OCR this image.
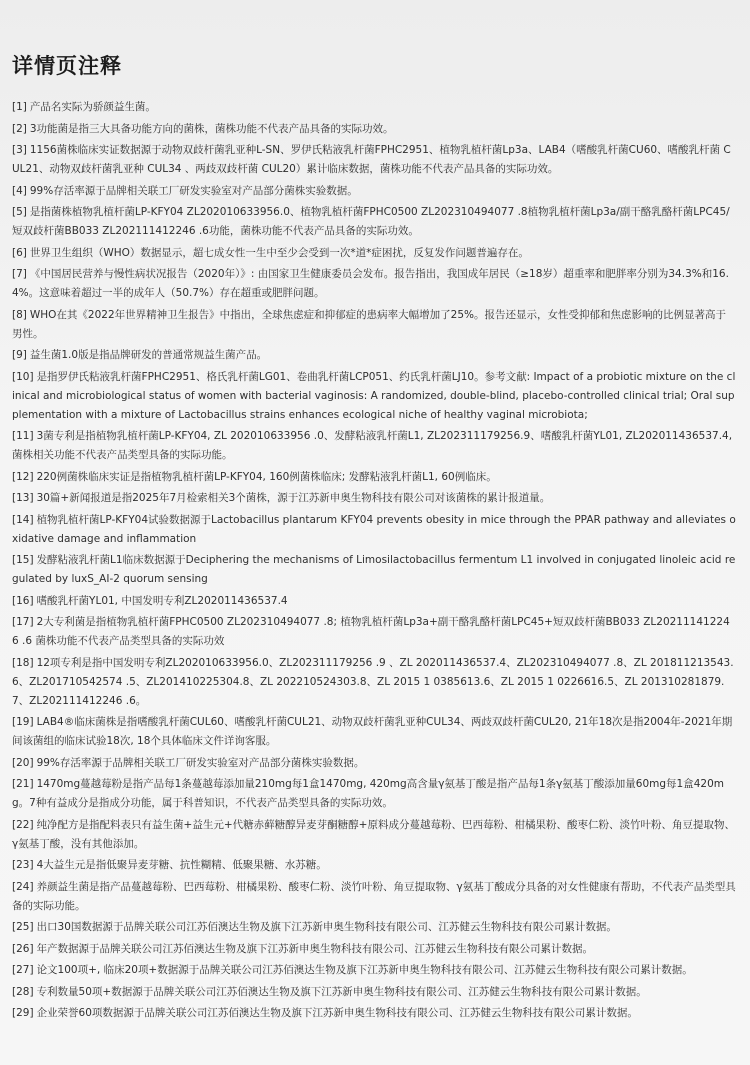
详情页注释
[1] 产品名实际为骄颜益生菌。
[2] 3功能菌是指三大具备功能方向的菌株，菌株功能不代表产品具备的实际功效。
[3] 1156菌株临床实证数据源于动物双歧杆菌乳亚种L-SN、罗伊氏粘液乳杆菌FPHC2951、植物乳植杆菌Lp3a、LAB4（嗜酸乳杆菌CU60、嗜酸乳杆菌 CUL21、动物双歧杆菌乳亚种 CUL34 、两歧双歧杆菌 CUL20）累计临床数据，菌株功能不代表产品具备的实际功效。
[4] 99%存活率源于品牌相关联工厂研发实验室对产品部分菌株实验数据。
[5] 是指菌株植物乳植杆菌LP-KFY04 ZL202010633956.0、植物乳植杆菌FPHC0500 ZL202310494077 .8植物乳植杆菌Lp3a/副干酪乳酪杆菌LPC45/短双歧杆菌BB033 ZL202111412246 .6功能，菌株功能不代表产品具备的实际功效。
[6] 世界卫生组织（WHO）数据显示，超七成女性一生中至少会受到一次*道*症困扰，反复发作问题普遍存在。
[7] 《中国居民营养与慢性病状况报告（2020年）》: 由国家卫生健康委员会发布。报告指出，我国成年居民（≥18岁）超重率和肥胖率分别为34.3%和16.4%。这意味着超过一半的成年人（50.7%）存在超重或肥胖问题。
[8] WHO在其《2022年世界精神卫生报告》中指出，全球焦虑症和抑郁症的患病率大幅增加了25%。报告还显示，女性受抑郁和焦虑影响的比例显著高于男性。
[9] 益生菌1.0版是指品牌研发的普通常规益生菌产品。
[10] 是指罗伊氏粘液乳杆菌FPHC2951、格氏乳杆菌LG01、卷曲乳杆菌LCP051、约氏乳杆菌LJ10。参考文献: Impact of a probiotic mixture on the clinical and microbiological status of women with bacterial vaginosis: A randomized, double-blind, placebo-controlled clinical trial; Oral supplementation with a mixture of Lactobacillus strains enhances ecological niche of healthy vaginal microbiota;
[11] 3菌专利是指植物乳植杆菌LP-KFY04, ZL 202010633956 .0、发酵粘液乳杆菌L1, ZL202311179256.9、嗜酸乳杆菌YL01, ZL202011436537.4, 菌株相关功能不代表产品类型具备的实际功能。
[12] 220例菌株临床实证是指植物乳植杆菌LP-KFY04, 160例菌株临床; 发酵粘液乳杆菌L1, 60例临床。
[13] 30篇+新闻报道是指2025年7月检索相关3个菌株，源于江苏新申奥生物科技有限公司对该菌株的累计报道量。
[14] 植物乳植杆菌LP-KFY04试验数据源于Lactobacillus plantarum KFY04 prevents obesity in mice through the PPAR pathway and alleviates oxidative damage and inflammation
[15] 发酵粘液乳杆菌L1临床数据源于Deciphering the mechanisms of Limosilactobacillus fermentum L1 involved in conjugated linoleic acid regulated by luxS_AI-2 quorum sensing
[16] 嗜酸乳杆菌YL01, 中国发明专利ZL202011436537.4
[17] 2大专利菌是指植物乳植杆菌FPHC0500 ZL202310494077 .8; 植物乳植杆菌Lp3a+副干酪乳酪杆菌LPC45+短双歧杆菌BB033 ZL202111412246 .6 菌株功能不代表产品类型具备的实际功效
[18] 12项专利是指中国发明专利ZL202010633956.0、ZL202311179256 .9 、ZL 202011436537.4、ZL202310494077 .8、ZL 201811213543.6、ZL201710542574 .5、ZL201410225304.8、ZL 202210524303.8、ZL 2015 1 0385613.6、ZL 2015 1 0226616.5、ZL 201310281879.7、ZL202111412246 .6。
[19] LAB4®临床菌株是指嗜酸乳杆菌CUL60、嗜酸乳杆菌CUL21、动物双歧杆菌乳亚种CUL34、两歧双歧杆菌CUL20, 21年18次是指2004年-2021年期间该菌组的临床试验18次, 18个具体临床文件详询客服。
[20] 99%存活率源于品牌相关联工厂研发实验室对产品部分菌株实验数据。
[21] 1470mg蔓越莓粉是指产品每1条蔓越莓添加量210mg每1盒1470mg, 420mg高含量γ氨基丁酸是指产品每1条γ氨基丁酸添加量60mg每1盒420mg。7种有益成分是指成分功能，属于科普知识，不代表产品类型具备的实际功效。
[22] 纯净配方是指配料表只有益生菌+益生元+代糖赤藓糖醇异麦芽酮糖醇+原料成分蔓越莓粉、巴西莓粉、柑橘果粉、酸枣仁粉、淡竹叶粉、角豆提取物、γ氨基丁酸，没有其他添加。
[23] 4大益生元是指低聚异麦芽糖、抗性糊精、低聚果糖、水苏糖。
[24] 养颜益生菌是指产品蔓越莓粉、巴西莓粉、柑橘果粉、酸枣仁粉、淡竹叶粉、角豆提取物、γ氨基丁酸成分具备的对女性健康有帮助，不代表产品类型具备的实际功能。
[25] 出口30国数据源于品牌关联公司江苏佰澳达生物及旗下江苏新申奥生物科技有限公司、江苏健云生物科技有限公司累计数据。
[26] 年产数据源于品牌关联公司江苏佰澳达生物及旗下江苏新申奥生物科技有限公司、江苏健云生物科技有限公司累计数据。
[27] 论文100项+, 临床20项+数据源于品牌关联公司江苏佰澳达生物及旗下江苏新申奥生物科技有限公司、江苏健云生物科技有限公司累计数据。
[28] 专利数量50项+数据源于品牌关联公司江苏佰澳达生物及旗下江苏新申奥生物科技有限公司、江苏健云生物科技有限公司累计数据。
[29] 企业荣誉60项数据源于品牌关联公司江苏佰澳达生物及旗下江苏新申奥生物科技有限公司、江苏健云生物科技有限公司累计数据。
